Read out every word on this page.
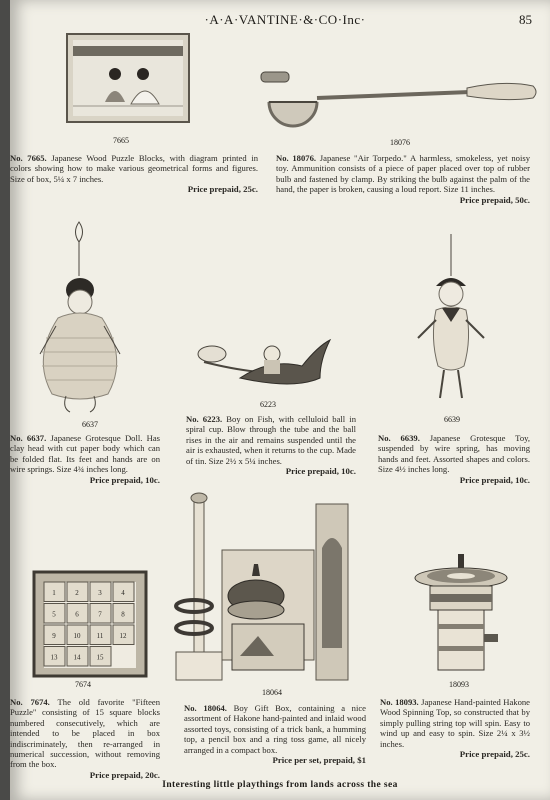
·A·A·VANTINE·&·CO·Inc·	85
7665
No. 7665. Japanese Wood Puzzle Blocks, with diagram printed in colors showing how to make various geometrical forms and figures. Size of box, 5¼ x 7 inches.
Price prepaid, 25c.
18076
No. 18076. Japanese "Air Torpedo." A harmless, smokeless, yet noisy toy. Ammunition consists of a piece of paper placed over top of rubber bulb and fastened by clamp. By striking the bulb against the palm of the hand, the paper is broken, causing a loud report. Size 11 inches.
Price prepaid, 50c.
6637
No. 6637. Japanese Grotesque Doll. Has clay head with cut paper body which can be folded flat. Its feet and hands are on wire springs. Size 4¾ inches long.
Price prepaid, 10c.
6223
No. 6223. Boy on Fish, with celluloid ball in spiral cup. Blow through the tube and the ball rises in the air and remains suspended until the air is exhausted, when it returns to the cup. Made of tin. Size 2½ x 5¼ inches.
Price prepaid, 10c.
6639
No. 6639. Japanese Grotesque Toy, suspended by wire spring, has moving hands and feet. Assorted shapes and colors. Size 4½ inches long.
Price prepaid, 10c.
1	2	3	4
5	6	7	8
9	10 11 12
13 14 15
7674
No. 7674. The old favorite "Fifteen Puzzle" consisting of 15 square blocks numbered consecutively, which are intended to be placed in box indiscriminately, then re-arranged in numerical succession, without removing from the box.
Price prepaid, 20c.
18064
No. 18064. Boy Gift Box, containing a nice assortment of Hakone hand-painted and inlaid wood assorted toys, consisting of a trick bank, a humming top, a pencil box and a ring toss game, all nicely arranged in a compact box.
Price per set, prepaid, $1
18093
No. 18093. Japanese Hand-painted Hakone Wood Spinning Top, so constructed that by simply pulling string top will spin. Easy to wind up and easy to spin. Size 2¼ x 3½ inches.
Price prepaid, 25c.
Interesting little playthings from lands across the sea
